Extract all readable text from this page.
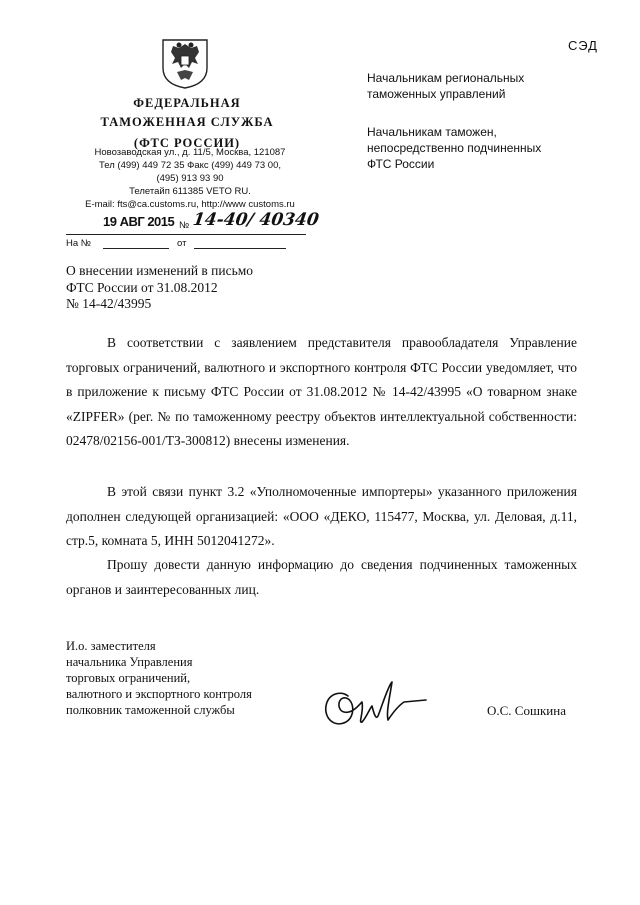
СЭД
ФЕДЕРАЛЬНАЯ
ТАМОЖЕННАЯ СЛУЖБА
(ФТС РОССИИ)
Новозаводская ул., д. 11/5, Москва, 121087
Тел (499) 449 72 35 Факс (499) 449 73 00,
(495) 913 93 90
Телетайп 611385 VETO RU.
E-mail: fts@ca.customs.ru, http://www customs.ru
19 АВГ 2015 № 14-40/ 40340
На №	от
Начальникам региональных
таможенных управлений
Начальникам таможен,
непосредственно подчиненных
ФТС России
О внесении изменений в письмо
ФТС России от 31.08.2012
№ 14-42/43995
В соответствии с заявлением представителя правообладателя Управление торговых ограничений, валютного и экспортного контроля ФТС России уведомляет, что в приложение к письму ФТС России от 31.08.2012 № 14-42/43995 «О товарном знаке «ZIPFER» (рег. № по таможенному реестру объектов интеллектуальной собственности: 02478/02156-001/ТЗ-300812) внесены изменения.
В этой связи пункт 3.2 «Уполномоченные импортеры» указанного приложения дополнен следующей организацией: «ООО «ДЕКО, 115477, Москва, ул. Деловая, д.11, стр.5, комната 5, ИНН 5012041272».
Прошу довести данную информацию до сведения подчиненных таможенных органов и заинтересованных лиц.
И.о. заместителя
начальника Управления
торговых ограничений,
валютного и экспортного контроля
полковник таможенной службы	О.С. Сошкина
